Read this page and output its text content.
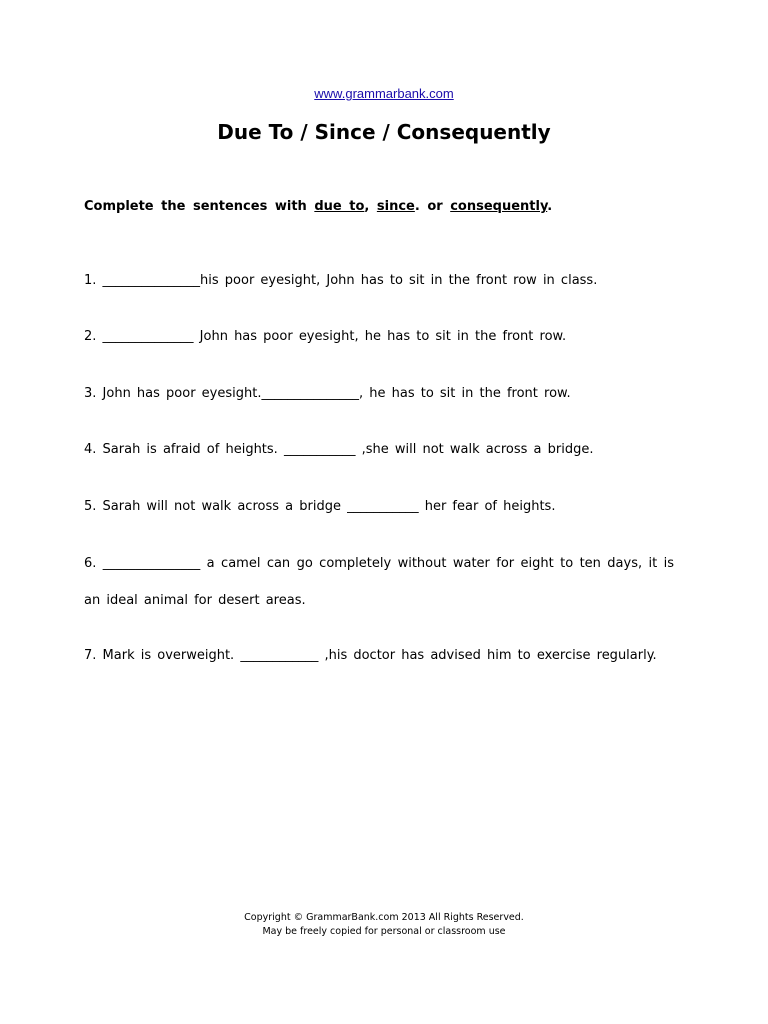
www.grammarbank.com
Due To / Since / Consequently
Complete the sentences with due to, since. or consequently.
1. _______________his poor eyesight, John has to sit in the front row in class.
2. ______________ John has poor eyesight, he has to sit in the front row.
3. John has poor eyesight._______________, he has to sit in the front row.
4. Sarah is afraid of heights. ___________ ,she will not walk across a bridge.
5. Sarah will not walk across a bridge ___________ her fear of heights.
6. _______________ a camel can go completely without water for eight to ten days, it is an ideal animal for desert areas.
7. Mark is overweight. ____________ ,his doctor has advised him to exercise regularly.
Copyright © GrammarBank.com 2013 All Rights Reserved.
May be freely copied for personal or classroom use
